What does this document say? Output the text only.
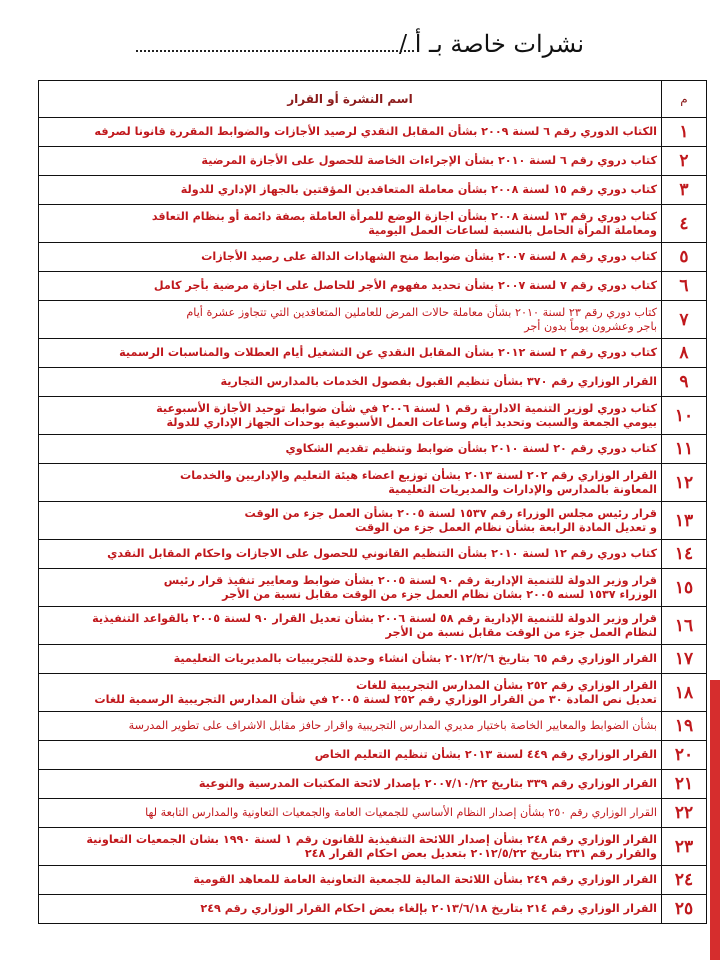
نشرات خاصة بـ أ /
م	اسم النشرة أو القرار
١	الكتاب الدوري رقم ٦ لسنة ٢٠٠٩ بشأن المقابل النقدي لرصيد الأجازات والضوابط المقررة قانونا لصرفه

٢	كتاب دروي رقم ٦ لسنة ٢٠١٠ بشأن الإجراءات الخاصة للحصول على الأجازة المرضية

٣	كتاب دوري رقم ١٥ لسنة ٢٠٠٨ بشأن معاملة المتعاقدين المؤقتين بالجهاز الإداري للدولة

٤	كتاب دوري رقم ١٣ لسنة ٢٠٠٨ بشأن اجازة الوضع للمرأة العاملة بصفة دائمة أو بنظام التعاقد
ومعاملة المرأة الحامل بالنسبة لساعات العمل اليومية

٥	كتاب دوري رقم ٨ لسنة ٢٠٠٧ بشأن ضوابط منح الشهادات الدالة على رصيد الأجازات

٦	كتاب دوري رقم ٧ لسنة ٢٠٠٧ بشأن تحديد مفهوم الأجر للحاصل على اجازة مرضية بأجر كامل

٧	كتاب دوري رقم ٢٣ لسنة ٢٠١٠ بشأن معاملة حالات المرض للعاملين المتعاقدين التي تتجاوز عشرة أيام
باجر وعشرون يوماً بدون أجر

٨	كتاب دوري رقم ٢ لسنة ٢٠١٢ بشأن المقابل النقدي عن التشغيل أيام العطلات والمناسبات الرسمية

٩	القرار الوزاري رقم ٣٧٠ بشأن تنظيم القبول بفصول الخدمات بالمدارس التجارية

١٠	كتاب دوري لوزير التنمية الادارية رقم ١ لسنة ٢٠٠٦ في شأن ضوابط توحيد الأجازة الأسبوعية
بيومي الجمعة والسبت وتحديد أيام وساعات العمل الأسبوعية بوحدات الجهاز الإداري للدولة

١١	كتاب دوري رقم ٢٠ لسنة ٢٠١٠ بشأن ضوابط وتنظيم تقديم الشكاوي

١٢	القرار الوزاري رقم ٢٠٢ لسنة ٢٠١٣ بشأن توزيع اعضاء هيئة التعليم والإداريين والخدمات
المعاونة بالمدارس والإدارات والمديريات التعليمية

١٣	قرار رئيس مجلس الوزراء رقم ١٥٣٧ لسنة ٢٠٠٥ بشأن العمل جزء من الوقت
و تعديل المادة الرابعة بشأن نظام العمل جزء من الوقت

١٤	كتاب دوري رقم ١٢ لسنة ٢٠١٠ بشأن التنظيم القانوني للحصول على الاجازات واحكام المقابل النقدي

١٥	قرار وزير الدولة للتنمية الإدارية رقم ٩٠ لسنة ٢٠٠٥ بشأن ضوابط ومعايير تنفيذ قرار رئيس
الوزراء ١٥٣٧ لسنه ٢٠٠٥ بشان نظام العمل جزء من الوقت مقابل نسبة من الأجر

١٦	قرار وزير الدولة للتنمية الإدارية رقم ٥٨ لسنة ٢٠٠٦ بشأن تعديل القرار ٩٠ لسنة ٢٠٠٥ بالقواعد التنفيذية
لنظام العمل جزء من الوقت مقابل نسبة من الأجر

١٧	القرار الوزاري رقم ٦٥ بتاريخ ٢٠١٢/٢/٦ بشأن انشاء وحدة للتجريبيات بالمديريات التعليمية

١٨	القرار الوزاري رقم ٢٥٢ بشأن المدارس التجريبية للغات
تعديل نص المادة ٣٠ من القرار الوزاري رقم ٢٥٢ لسنة ٢٠٠٥ في شأن المدارس التجريبية الرسمية للغات

١٩	بشأن الضوابط والمعايير الخاصة باختيار مديري المدارس التجريبية واقرار حافز مقابل الاشراف على تطوير المدرسة

٢٠	القرار الوزاري رقم ٤٤٩ لسنة ٢٠١٣ بشأن تنظيم التعليم الخاص

٢١	القرار الوزاري رقم ٣٣٩ بتاريخ ٢٠٠٧/١٠/٢٢ بإصدار لائحة المكتبات المدرسية والنوعية

٢٢	القرار الوزاري رقم ٢٥٠ بشأن إصدار النظام الأساسي للجمعيات العامة والجمعيات التعاونية والمدارس التابعة لها

٢٣	القرار الوزاري رقم ٢٤٨ بشأن إصدار اللائحة التنفيذية للقانون رقم ١ لسنة ١٩٩٠ بشان الجمعيات التعاونية
والقرار رقم ٢٣١ بتاريخ ٢٠١٢/٥/٢٢ بتعديل بعض احكام القرار ٢٤٨

٢٤	القرار الوزاري رقم ٢٤٩ بشأن اللائحة المالية للجمعية التعاونية العامة للمعاهد القومية

٢٥	القرار الوزاري رقم ٢١٤ بتاريخ ٢٠١٣/٦/١٨ بإلغاء بعض احكام القرار الوزاري رقم ٢٤٩
